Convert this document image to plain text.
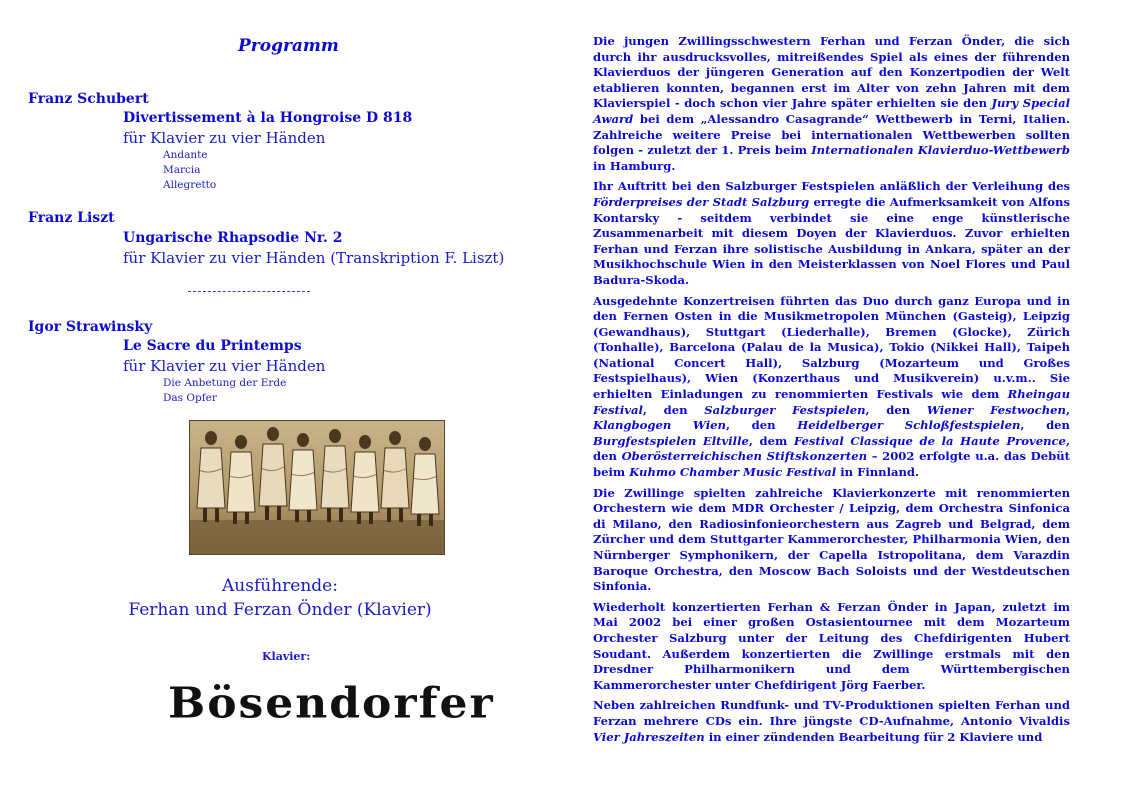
Programm
Franz Schubert
Divertissement à la Hongroise D 818
für Klavier zu vier Händen
Andante
Marcia
Allegretto
Franz Liszt
Ungarische Rhapsodie Nr. 2
für Klavier zu vier Händen (Transkription F. Liszt)
Igor Strawinsky
Le Sacre du Printemps
für Klavier zu vier Händen
Die Anbetung der Erde
Das Opfer
Ausführende:
Ferhan und Ferzan Önder (Klavier)
Klavier:
Bösendorfer

Die jungen Zwillingsschwestern Ferhan und Ferzan Önder, die sich durch ihr ausdrucksvolles, mitreißendes Spiel als eines der führenden Klavierduos der jüngeren Generation auf den Konzertpodien der Welt etablieren konnten, begannen erst im Alter von zehn Jahren mit dem Klavierspiel - doch schon vier Jahre später erhielten sie den Jury Special Award bei dem „Alessandro Casagrande“ Wettbewerb in Terni, Italien. Zahlreiche weitere Preise bei internationalen Wettbewerben sollten folgen - zuletzt der 1. Preis beim Internationalen Klavierduo-Wettbewerb in Hamburg.

Ihr Auftritt bei den Salzburger Festspielen anläßlich der Verleihung des Förderpreises der Stadt Salzburg erregte die Aufmerksamkeit von Alfons Kontarsky - seitdem verbindet sie eine enge künstlerische Zusammenarbeit mit diesem Doyen der Klavierduos. Zuvor erhielten Ferhan und Ferzan ihre solistische Ausbildung in Ankara, später an der Musikhochschule Wien in den Meisterklassen von Noel Flores und Paul Badura-Skoda.

Ausgedehnte Konzertreisen führten das Duo durch ganz Europa und in den Fernen Osten in die Musikmetropolen München (Gasteig), Leipzig (Gewandhaus), Stuttgart (Liederhalle), Bremen (Glocke), Zürich (Tonhalle), Barcelona (Palau de la Musica), Tokio (Nikkei Hall), Taipeh (National Concert Hall), Salzburg (Mozarteum und Großes Festspielhaus), Wien (Konzerthaus und Musikverein) u.v.m.. Sie erhielten Einladungen zu renommierten Festivals wie dem Rheingau Festival, den Salzburger Festspielen, den Wiener Festwochen, Klangbogen Wien, den Heidelberger Schloßfestspielen, den Burgfestspielen Eltville, dem Festival Classique de la Haute Provence, den Oberösterreichischen Stiftskonzerten – 2002 erfolgte u.a. das Debüt beim Kuhmo Chamber Music Festival in Finnland.

Die Zwillinge spielten zahlreiche Klavierkonzerte mit renommierten Orchestern wie dem MDR Orchester / Leipzig, dem Orchestra Sinfonica di Milano, den Radiosinfonieorchestern aus Zagreb und Belgrad, dem Zürcher und dem Stuttgarter Kammerorchester, Philharmonia Wien, den Nürnberger Symphonikern, der Capella Istropolitana, dem Varazdin Baroque Orchestra, den Moscow Bach Soloists und der Westdeutschen Sinfonia.

Wiederholt konzertierten Ferhan & Ferzan Önder in Japan, zuletzt im Mai 2002 bei einer großen Ostasientournee mit dem Mozarteum Orchester Salzburg unter der Leitung des Chefdirigenten Hubert Soudant. Außerdem konzertierten die Zwillinge erstmals mit den Dresdner Philharmonikern und dem Württembergischen Kammerorchester unter Chefdirigent Jörg Faerber.

Neben zahlreichen Rundfunk- und TV-Produktionen spielten Ferhan und Ferzan mehrere CDs ein. Ihre jüngste CD-Aufnahme, Antonio Vivaldis Vier Jahreszeiten in einer zündenden Bearbeitung für 2 Klaviere und
